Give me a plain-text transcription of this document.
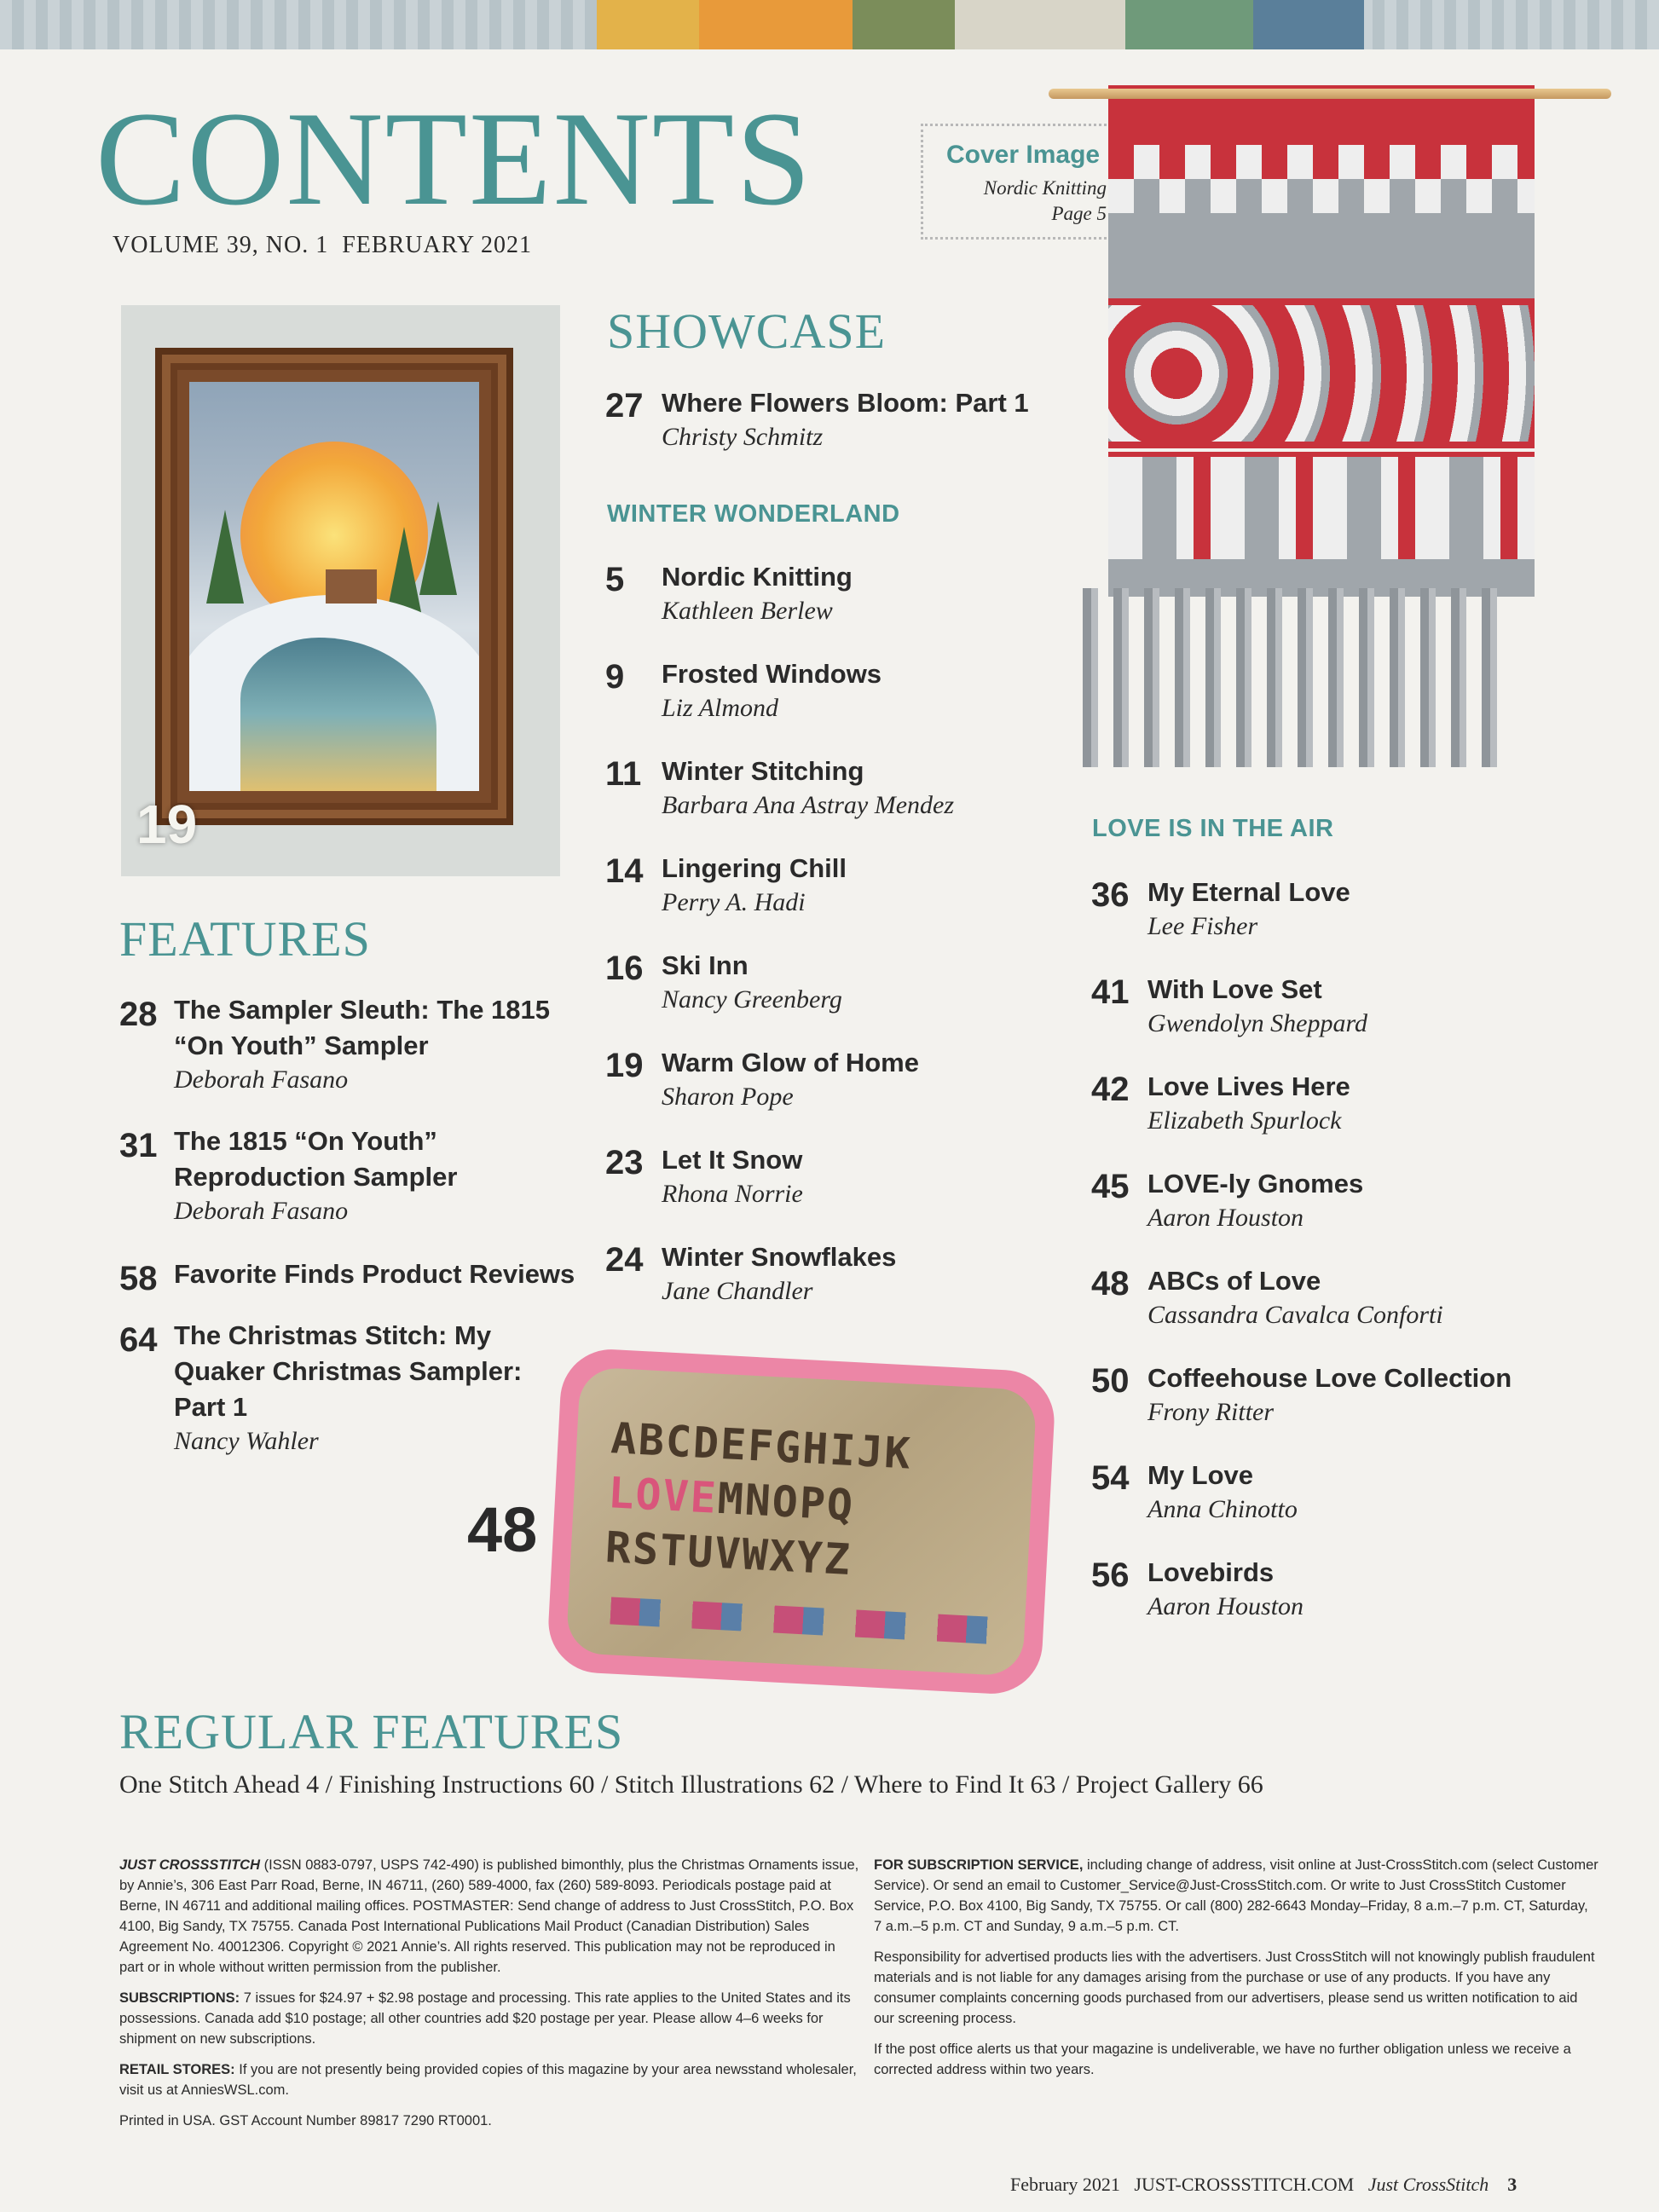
CONTENTS
VOLUME 39, NO. 1 FEBRUARY 2021
Cover Image
Nordic Knitting
Page 5
19
SHOWCASE
27 Where Flowers Bloom: Part 1
Christy Schmitz
WINTER WONDERLAND
5	Nordic Knitting
Kathleen Berlew
9	Frosted Windows
Liz Almond
11 Winter Stitching
Barbara Ana Astray Mendez
14 Lingering Chill
Perry A. Hadi
16 Ski Inn
Nancy Greenberg
19 Warm Glow of Home
Sharon Pope
23 Let It Snow
Rhona Norrie
24 Winter Snowflakes
Jane Chandler
LOVE IS IN THE AIR
36 My Eternal Love
Lee Fisher
41 With Love Set
Gwendolyn Sheppard
42 Love Lives Here
Elizabeth Spurlock
45 LOVE-ly Gnomes
Aaron Houston
48 ABCs of Love
Cassandra Cavalca Conforti
50 Coffeehouse Love Collection
Frony Ritter
54 My Love
Anna Chinotto
56 Lovebirds
Aaron Houston
FEATURES
28 The Sampler Sleuth: The 1815
“On Youth” Sampler
Deborah Fasano
31 The 1815 “On Youth”
Reproduction Sampler
Deborah Fasano
58 Favorite Finds Product Reviews
64 The Christmas Stitch: My
Quaker Christmas Sampler:
Part 1
Nancy Wahler
48
ABCDEFGHIJK
LOVEMNOPQ
RSTUVWXYZ
REGULAR FEATURES
One Stitch Ahead 4 / Finishing Instructions 60 / Stitch Illustrations 62 / Where to Find It 63 / Project Gallery 66

JUST CROSSSTITCH (ISSN 0883-0797, USPS 742-490) is published bimonthly, plus the Christmas Ornaments issue, by Annie’s, 306 East Parr Road, Berne, IN 46711, (260) 589-4000, fax (260) 589-8093. Periodicals postage paid at Berne, IN 46711 and additional mailing offices. POSTMASTER: Send change of address to Just CrossStitch, P.O. Box 4100, Big Sandy, TX 75755. Canada Post International Publications Mail Product (Canadian Distribution) Sales Agreement No. 40012306. Copyright © 2021 Annie’s. All rights reserved. This publication may not be reproduced in part or in whole without written permission from the publisher.

SUBSCRIPTIONS: 7 issues for $24.97 + $2.98 postage and processing. This rate applies to the United States and its possessions. Canada add $10 postage; all other countries add $20 postage per year. Please allow 4–6 weeks for shipment on new subscriptions.

RETAIL STORES: If you are not presently being provided copies of this magazine by your area newsstand wholesaler, visit us at AnniesWSL.com.

Printed in USA. GST Account Number 89817 7290 RT0001.

FOR SUBSCRIPTION SERVICE, including change of address, visit online at Just-CrossStitch.com (select Customer Service). Or send an email to Customer_Service@Just-CrossStitch.com. Or write to Just CrossStitch Customer Service, P.O. Box 4100, Big Sandy, TX 75755. Or call (800) 282-6643 Monday–Friday, 8 a.m.–7 p.m. CT, Saturday, 7 a.m.–5 p.m. CT and Sunday, 9 a.m.–5 p.m. CT.

Responsibility for advertised products lies with the advertisers. Just CrossStitch will not knowingly publish fraudulent materials and is not liable for any damages arising from the purchase or use of any products. If you have any consumer complaints concerning goods purchased from our advertisers, please send us written notification to aid our screening process.

If the post office alerts us that your magazine is undeliverable, we have no further obligation unless we receive a corrected address within two years.

February 2021 JUST-CROSSSTITCH.COM Just CrossStitch 3
